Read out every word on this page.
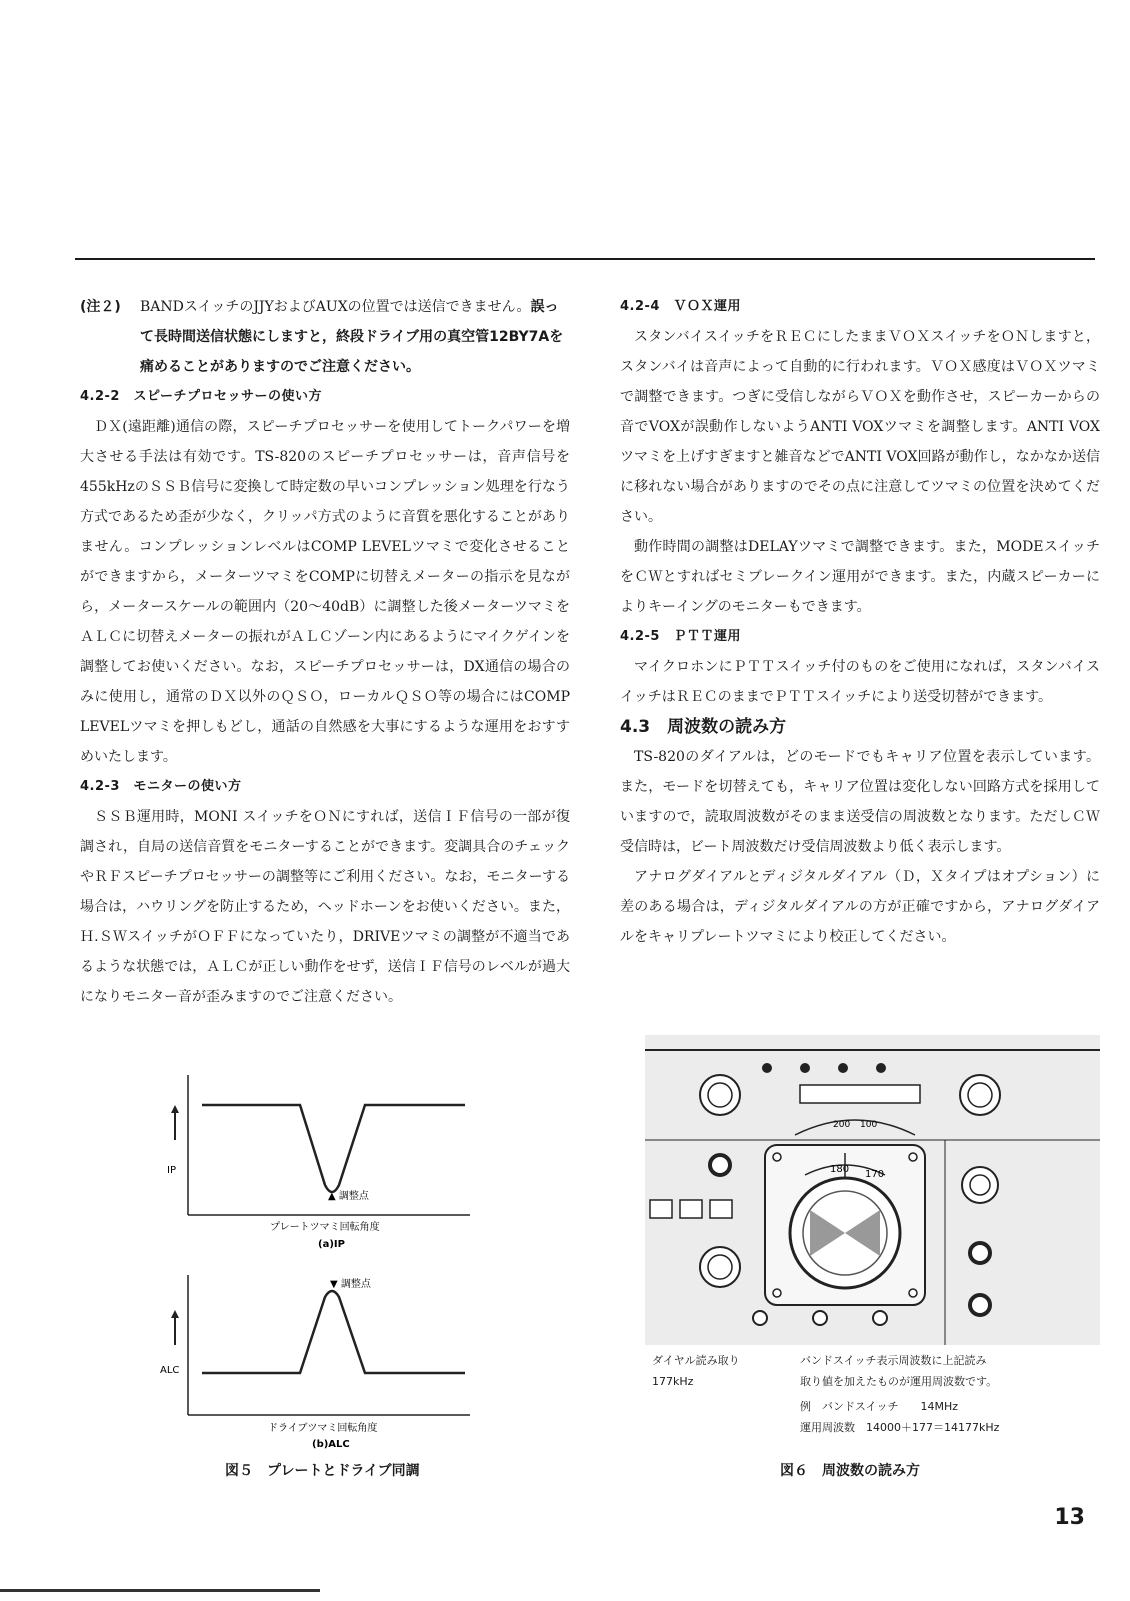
(注２)	BANDスイッチのJJYおよびAUXの位置では送信できません。誤って長時間送信状態にしますと，終段ドライブ用の真空管12BY7Aを痛めることがありますのでご注意ください。

4.2-2　スピーチプロセッサーの使い方

ＤＸ(遠距離)通信の際，スピーチプロセッサーを使用してトークパワーを増大させる手法は有効です。TS-820のスピーチプロセッサーは，音声信号を455kHzのＳＳＢ信号に変換して時定数の早いコンプレッション処理を行なう方式であるため歪が少なく，クリッパ方式のように音質を悪化することがありません。コンプレッションレベルはCOMP LEVELツマミで変化させることができますから，メーターツマミをCOMPに切替えメーターの指示を見ながら，メータースケールの範囲内（20～40dB）に調整した後メーターツマミをＡＬＣに切替えメーターの振れがＡＬＣゾーン内にあるようにマイクゲインを調整してお使いください。なお，スピーチプロセッサーは，DX通信の場合のみに使用し，通常のＤＸ以外のＱＳＯ，ローカルＱＳＯ等の場合にはCOMP LEVELツマミを押しもどし，通話の自然感を大事にするような運用をおすすめいたします。

4.2-3　モニターの使い方

ＳＳＢ運用時，MONI スイッチをＯＮにすれば，送信ＩＦ信号の一部が復調され，自局の送信音質をモニターすることができます。変調具合のチェックやＲＦスピーチプロセッサーの調整等にご利用ください。なお，モニターする場合は，ハウリングを防止するため，ヘッドホーンをお使いください。また，Ｈ.ＳＷスイッチがＯＦＦになっていたり，DRIVEツマミの調整が不適当であるような状態では，ＡＬＣが正しい動作をせず，送信ＩＦ信号のレベルが過大になりモニター音が歪みますのでご注意ください。

4.2-4　ＶＯＸ運用

スタンバイスイッチをＲＥＣにしたままＶＯＸスイッチをＯＮしますと，スタンバイは音声によって自動的に行われます。ＶＯＸ感度はＶＯＸツマミで調整できます。つぎに受信しながらＶＯＸを動作させ，スピーカーからの音でVOXが誤動作しないようANTI VOXツマミを調整します。ANTI VOXツマミを上げすぎますと雑音などでANTI VOX回路が動作し，なかなか送信に移れない場合がありますのでその点に注意してツマミの位置を決めてください。

動作時間の調整はDELAYツマミで調整できます。また，MODEスイッチをＣＷとすればセミブレークイン運用ができます。また，内蔵スピーカーによりキーイングのモニターもできます。

4.2-5　ＰＴＴ運用

マイクロホンにＰＴＴスイッチ付のものをご使用になれば，スタンバイスイッチはＲＥＣのままでＰＴＴスイッチにより送受切替ができます。

4.3　周波数の読み方

TS-820のダイアルは，どのモードでもキャリア位置を表示しています。また，モードを切替えても，キャリア位置は変化しない回路方式を採用していますので，読取周波数がそのまま送受信の周波数となります。ただしＣＷ受信時は，ビート周波数だけ受信周波数より低く表示します。

アナログダイアルとディジタルダイアル（Ｄ，Ｘタイプはオプション）に差のある場合は，ディジタルダイアルの方が正確ですから，アナログダイアルをキャリプレートツマミにより校正してください。

IP
▲ 調整点
プレートツマミ回転角度
(a)IP
▼ 調整点
ALC
ドライブツマミ回転角度
(b)ALC
図５　プレートとドライブ同調
200 100
180 170
ダイヤル読み取り
177kHz
バンドスイッチ表示周波数に上記読み
取り値を加えたものが運用周波数です。
例　バンドスイッチ　　 14MHz
運用周波数　14000＋177＝14177kHz
図６　周波数の読み方
13
